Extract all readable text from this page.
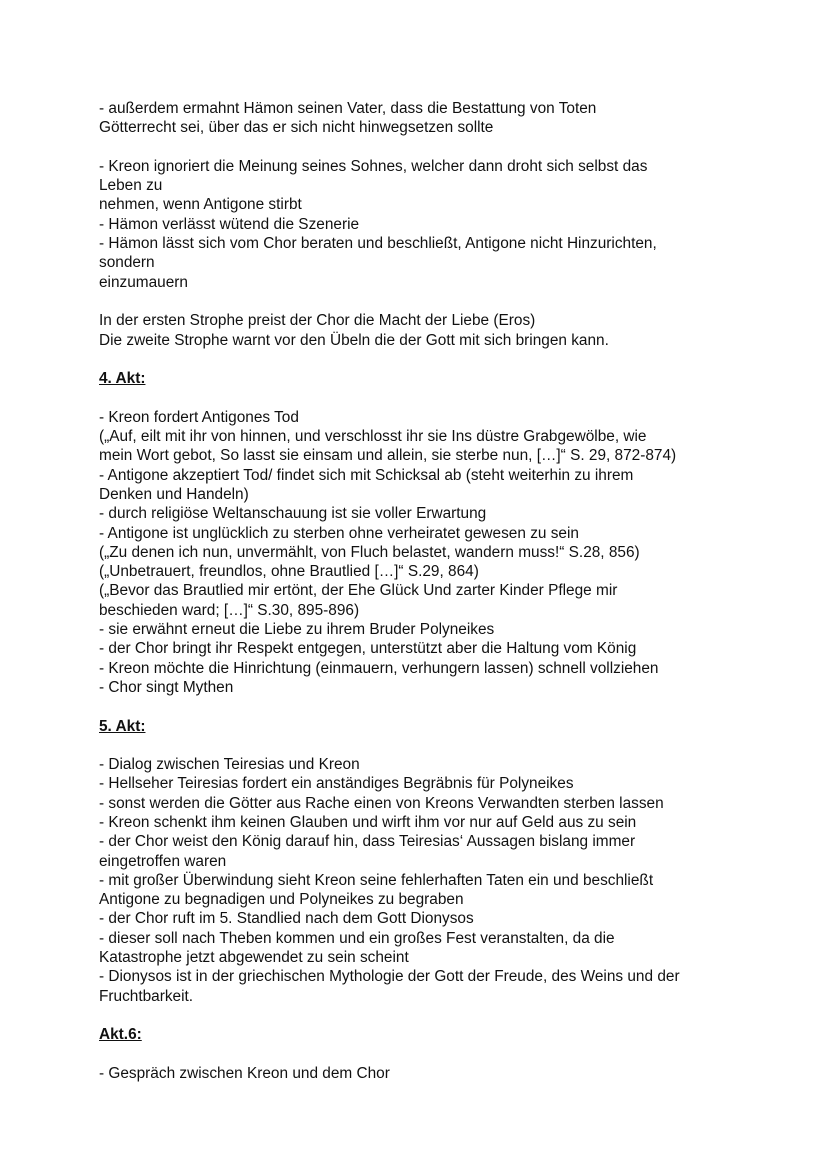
- außerdem ermahnt Hämon seinen Vater, dass die Bestattung von Toten
Götterrecht sei, über das er sich nicht hinwegsetzen sollte
- Kreon ignoriert die Meinung seines Sohnes, welcher dann droht sich selbst das
Leben zu
nehmen, wenn Antigone stirbt
- Hämon verlässt wütend die Szenerie
- Hämon lässt sich vom Chor beraten und beschließt, Antigone nicht Hinzurichten,
sondern
einzumauern
In der ersten Strophe preist der Chor die Macht der Liebe (Eros)
Die zweite Strophe warnt vor den Übeln die der Gott mit sich bringen kann.
4. Akt:
- Kreon fordert Antigones Tod
(„Auf, eilt mit ihr von hinnen, und verschlosst ihr sie Ins düstre Grabgewölbe, wie
mein Wort gebot, So lasst sie einsam und allein, sie sterbe nun, […]“ S. 29, 872-874)
- Antigone akzeptiert Tod/ findet sich mit Schicksal ab (steht weiterhin zu ihrem
Denken und Handeln)
- durch religiöse Weltanschauung ist sie voller Erwartung
- Antigone ist unglücklich zu sterben ohne verheiratet gewesen zu sein
(„Zu denen ich nun, unvermählt, von Fluch belastet, wandern muss!“ S.28, 856)
(„Unbetrauert, freundlos, ohne Brautlied […]“ S.29, 864)
(„Bevor das Brautlied mir ertönt, der Ehe Glück Und zarter Kinder Pflege mir
beschieden ward; […]“ S.30, 895-896)
- sie erwähnt erneut die Liebe zu ihrem Bruder Polyneikes
- der Chor bringt ihr Respekt entgegen, unterstützt aber die Haltung vom König
- Kreon möchte die Hinrichtung (einmauern, verhungern lassen) schnell vollziehen
- Chor singt Mythen
5. Akt:
- Dialog zwischen Teiresias und Kreon
- Hellseher Teiresias fordert ein anständiges Begräbnis für Polyneikes
- sonst werden die Götter aus Rache einen von Kreons Verwandten sterben lassen
- Kreon schenkt ihm keinen Glauben und wirft ihm vor nur auf Geld aus zu sein
- der Chor weist den König darauf hin, dass Teiresias‘ Aussagen bislang immer
eingetroffen waren
- mit großer Überwindung sieht Kreon seine fehlerhaften Taten ein und beschließt
Antigone zu begnadigen und Polyneikes zu begraben
- der Chor ruft im 5. Standlied nach dem Gott Dionysos
- dieser soll nach Theben kommen und ein großes Fest veranstalten, da die
Katastrophe jetzt abgewendet zu sein scheint
- Dionysos ist in der griechischen Mythologie der Gott der Freude, des Weins und der
Fruchtbarkeit.
Akt.6:
- Gespräch zwischen Kreon und dem Chor
